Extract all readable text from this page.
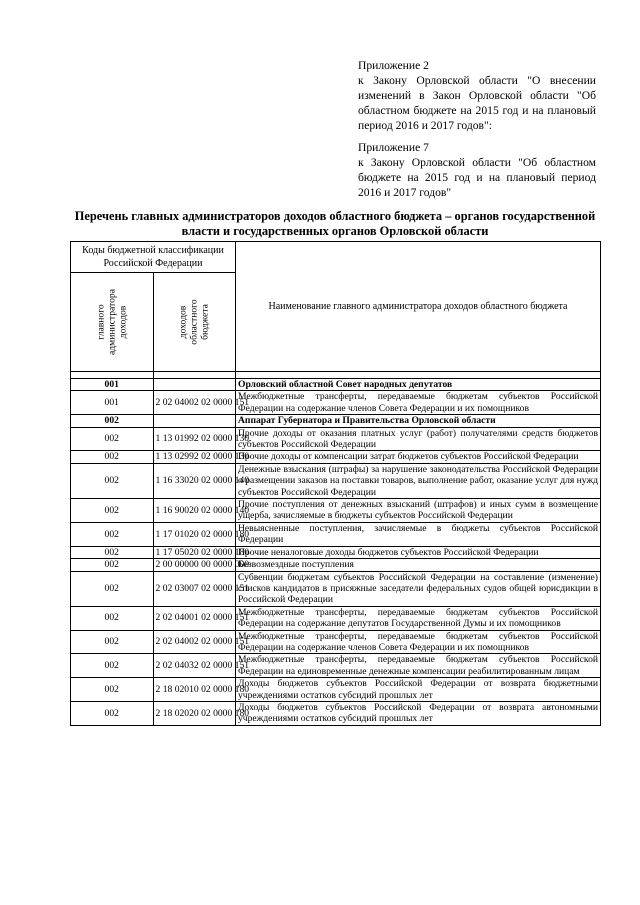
Приложение 2
к Закону Орловской области "О внесении изменений в Закон Орловской области "Об областном бюджете на 2015 год и на плановый период 2016 и 2017 годов":
Приложение 7
к Закону Орловской области "Об областном бюджете на 2015 год и на плановый период 2016 и 2017 годов"
Перечень главных администраторов доходов областного бюджета – органов государственной власти и государственных органов Орловской области
Коды бюджетной классификации Российской Федерации		Наименование главного администратора доходов областного бюджета

главного администратора доходов	доходов областного бюджета	

001		Орловский областной Совет народных депутатов
001	2 02 04002 02 0000 151	Межбюджетные трансферты, передаваемые бюджетам субъектов Российской Федерации на содержание членов Совета Федерации и их помощников
002		Аппарат Губернатора и Правительства Орловской области
002	1 13 01992 02 0000 130	Прочие доходы от оказания платных услуг (работ) получателями средств бюджетов субъектов Российской Федерации
002	1 13 02992 02 0000 130	Прочие доходы от компенсации затрат бюджетов субъектов Российской Федерации
002	1 16 33020 02 0000 140	Денежные взыскания (штрафы) за нарушение законодательства Российской Федерации о размещении заказов на поставки товаров, выполнение работ, оказание услуг для нужд субъектов Российской Федерации
002	1 16 90020 02 0000 140	Прочие поступления от денежных взысканий (штрафов) и иных сумм в возмещение ущерба, зачисляемые в бюджеты субъектов Российской Федерации
002	1 17 01020 02 0000 180	Невыясненные поступления, зачисляемые в бюджеты субъектов Российской Федерации
002	1 17 05020 02 0000 180	Прочие неналоговые доходы бюджетов субъектов Российской Федерации
002	2 00 00000 00 0000 000	Безвозмездные поступления
002	2 02 03007 02 0000 151	Субвенции бюджетам субъектов Российской Федерации на составление (изменение) списков кандидатов в присяжные заседатели федеральных судов общей юрисдикции в Российской Федерации
002	2 02 04001 02 0000 151	Межбюджетные трансферты, передаваемые бюджетам субъектов Российской Федерации на содержание депутатов Государственной Думы и их помощников
002	2 02 04002 02 0000 151	Межбюджетные трансферты, передаваемые бюджетам субъектов Российской Федерации на содержание членов Совета Федерации и их помощников
002	2 02 04032 02 0000 151	Межбюджетные трансферты, передаваемые бюджетам субъектов Российской Федерации на единовременные денежные компенсации реабилитированным лицам
002	2 18 02010 02 0000 180	Доходы бюджетов субъектов Российской Федерации от возврата бюджетными учреждениями остатков субсидий прошлых лет
002	2 18 02020 02 0000 180	Доходы бюджетов субъектов Российской Федерации от возврата автономными учреждениями остатков субсидий прошлых лет
